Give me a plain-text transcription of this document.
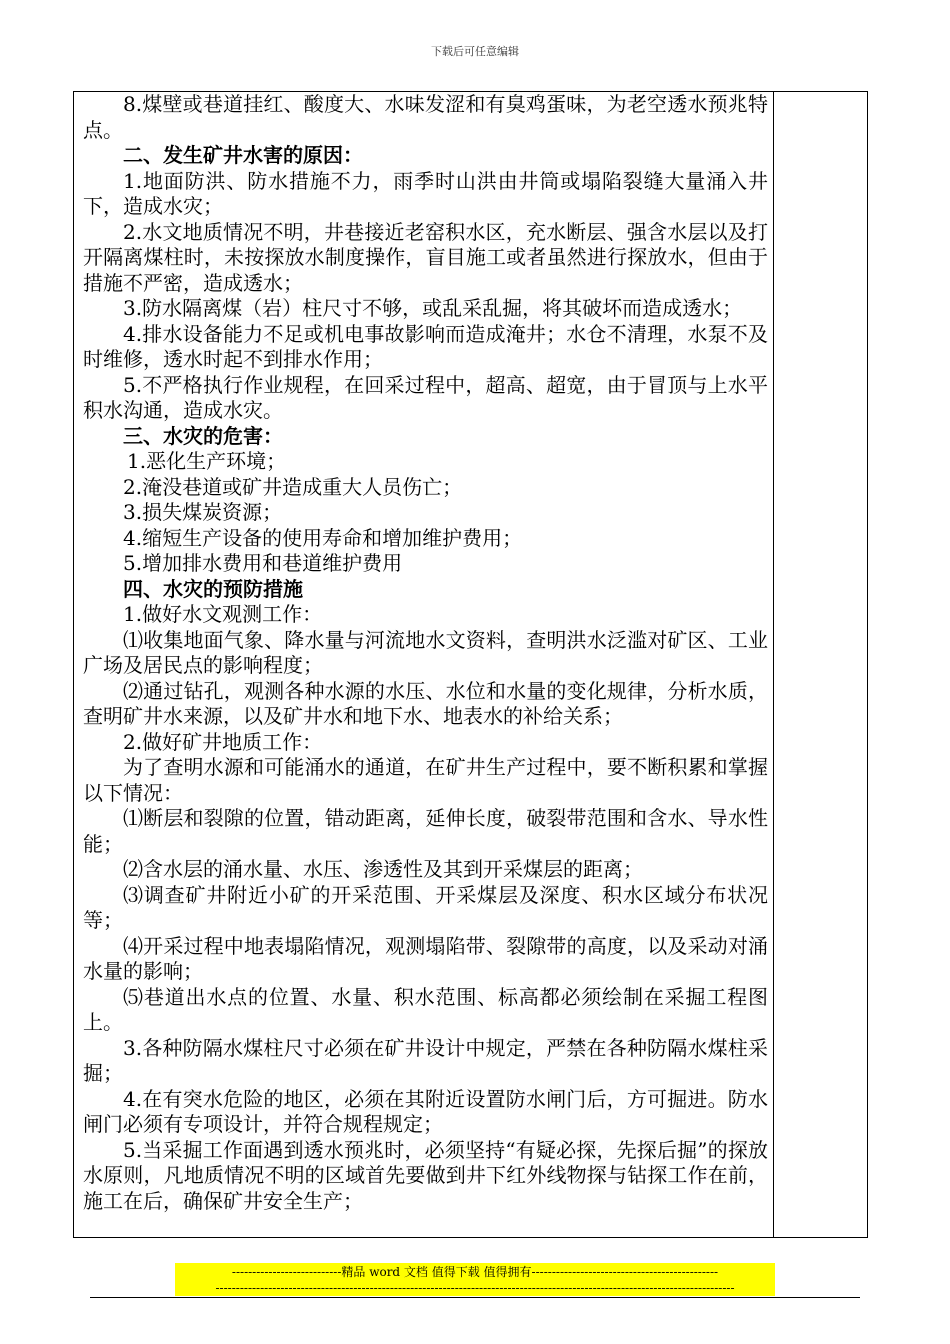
下载后可任意编辑

8.煤壁或巷道挂红、酸度大、水味发涩和有臭鸡蛋味，为老空透水预兆特点。

二、发生矿井水害的原因：

1.地面防洪、防水措施不力，雨季时山洪由井筒或塌陷裂缝大量涌入井下，造成水灾；

2.水文地质情况不明，井巷接近老窑积水区，充水断层、强含水层以及打开隔离煤柱时，未按探放水制度操作，盲目施工或者虽然进行探放水，但由于措施不严密，造成透水；

3.防水隔离煤（岩）柱尺寸不够，或乱采乱掘，将其破坏而造成透水；

4.排水设备能力不足或机电事故影响而造成淹井；水仓不清理，水泵不及时维修，透水时起不到排水作用；

5.不严格执行作业规程，在回采过程中，超高、超宽，由于冒顶与上水平积水沟通，造成水灾。

三、水灾的危害：

1.恶化生产环境；

2.淹没巷道或矿井造成重大人员伤亡；

3.损失煤炭资源；

4.缩短生产设备的使用寿命和增加维护费用；

5.增加排水费用和巷道维护费用

四、水灾的预防措施

1.做好水文观测工作：

⑴收集地面气象、降水量与河流地水文资料，查明洪水泛滥对矿区、工业广场及居民点的影响程度；

⑵通过钻孔，观测各种水源的水压、水位和水量的变化规律，分析水质，查明矿井水来源，以及矿井水和地下水、地表水的补给关系；

2.做好矿井地质工作：

为了查明水源和可能涌水的通道，在矿井生产过程中，要不断积累和掌握以下情况：

⑴断层和裂隙的位置，错动距离，延伸长度，破裂带范围和含水、导水性能；

⑵含水层的涌水量、水压、渗透性及其到开采煤层的距离；

⑶调查矿井附近小矿的开采范围、开采煤层及深度、积水区域分布状况等；

⑷开采过程中地表塌陷情况，观测塌陷带、裂隙带的高度，以及采动对涌水量的影响；

⑸巷道出水点的位置、水量、积水范围、标高都必须绘制在采掘工程图上。

3.各种防隔水煤柱尺寸必须在矿井设计中规定，严禁在各种防隔水煤柱采掘；

4.在有突水危险的地区，必须在其附近设置防水闸门后，方可掘进。防水闸门必须有专项设计，并符合规程规定；

5.当采掘工作面遇到透水预兆时，必须坚持“有疑必探，先探后掘”的探放水原则，凡地质情况不明的区域首先要做到井下红外线物探与钻探工作在前，施工在后，确保矿井安全生产；

---------------------------精品 word 文档 值得下载 值得拥有----------------------------------------------
--------------------------------------------------------------------------------------------------------------------------------
